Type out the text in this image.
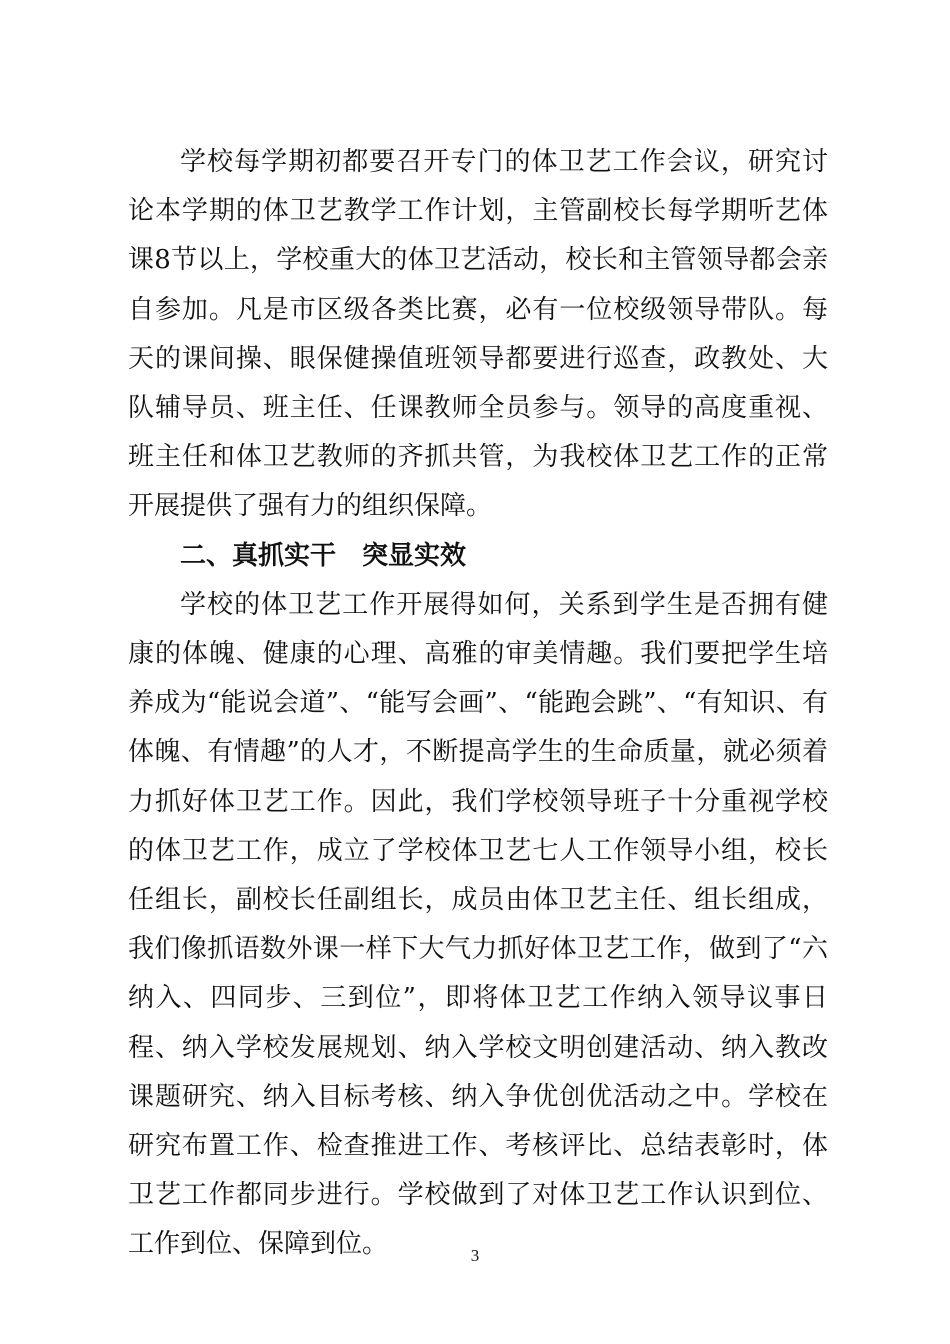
学校每学期初都要召开专门的体卫艺工作会议，研究讨论本学期的体卫艺教学工作计划，主管副校长每学期听艺体课8节以上，学校重大的体卫艺活动，校长和主管领导都会亲自参加。凡是市区级各类比赛，必有一位校级领导带队。每天的课间操、眼保健操值班领导都要进行巡查，政教处、大队辅导员、班主任、任课教师全员参与。领导的高度重视、班主任和体卫艺教师的齐抓共管，为我校体卫艺工作的正常开展提供了强有力的组织保障。

二、真抓实干　突显实效

学校的体卫艺工作开展得如何，关系到学生是否拥有健康的体魄、健康的心理、高雅的审美情趣。我们要把学生培养成为“能说会道”、“能写会画”、“能跑会跳”、“有知识、有体魄、有情趣”的人才，不断提高学生的生命质量，就必须着力抓好体卫艺工作。因此，我们学校领导班子十分重视学校的体卫艺工作，成立了学校体卫艺七人工作领导小组，校长任组长，副校长任副组长，成员由体卫艺主任、组长组成，我们像抓语数外课一样下大气力抓好体卫艺工作，做到了“六纳入、四同步、三到位”，即将体卫艺工作纳入领导议事日程、纳入学校发展规划、纳入学校文明创建活动、纳入教改课题研究、纳入目标考核、纳入争优创优活动之中。学校在研究布置工作、检查推进工作、考核评比、总结表彰时，体卫艺工作都同步进行。学校做到了对体卫艺工作认识到位、工作到位、保障到位。	3
